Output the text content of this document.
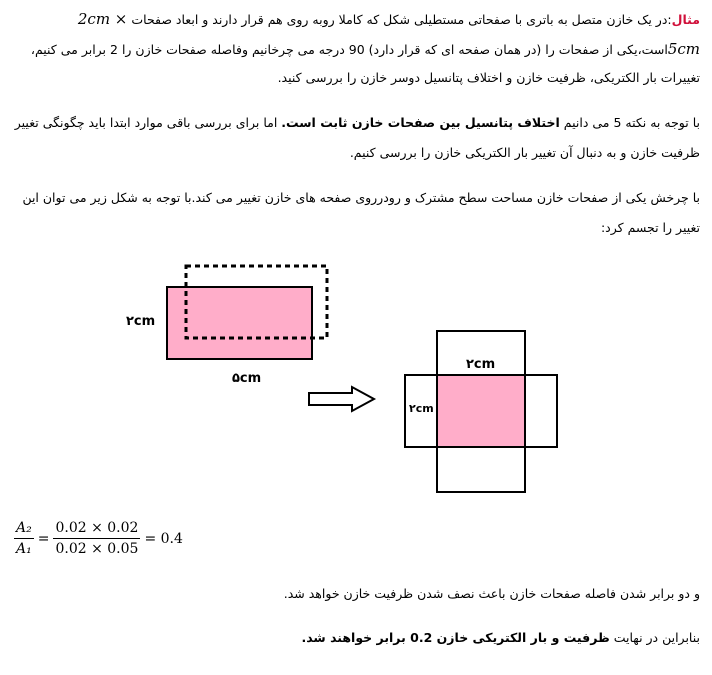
مثال:در یک خازن متصل به باتری با صفحاتی مستطیلی شکل که کاملا روبه روی هم قرار دارند و ابعاد صفحات 2cm ×
5cmاست،یکی از صفحات را (در همان صفحه ای که قرار دارد) 90 درجه می چرخانیم وفاصله صفحات خازن را 2 برابر می کنیم،
تغییرات بار الکتریکی، ظرفیت خازن و اختلاف پتانسیل دوسر خازن را بررسی کنید.
با توجه به نکته 5 می دانیم اختلاف پتانسیل بین صفحات خازن ثابت است. اما برای بررسی باقی موارد ابتدا باید چگونگی تغییر
ظرفیت خازن و به دنبال آن تغییر بار الکتریکی خازن را بررسی کنیم.
با چرخش یکی از صفحات خازن مساحت سطح مشترک و رودرروی صفحه های خازن تغییر می کند.با توجه به شکل زیر می توان این
تغییر را تجسم کرد:
۲cm
۵cm
۲cm
۲cm
$\frac{\text{A₂}}{\text{A₁}} = \frac{0.02 \times 0.02}{0.02 \times 0.05} = 0.4$
و دو برابر شدن فاصله صفحات خازن باعث نصف شدن ظرفیت خازن خواهد شد.
بنابراین در نهایت ظرفیت و بار الکتریکی خازن 0.2 برابر خواهند شد.
